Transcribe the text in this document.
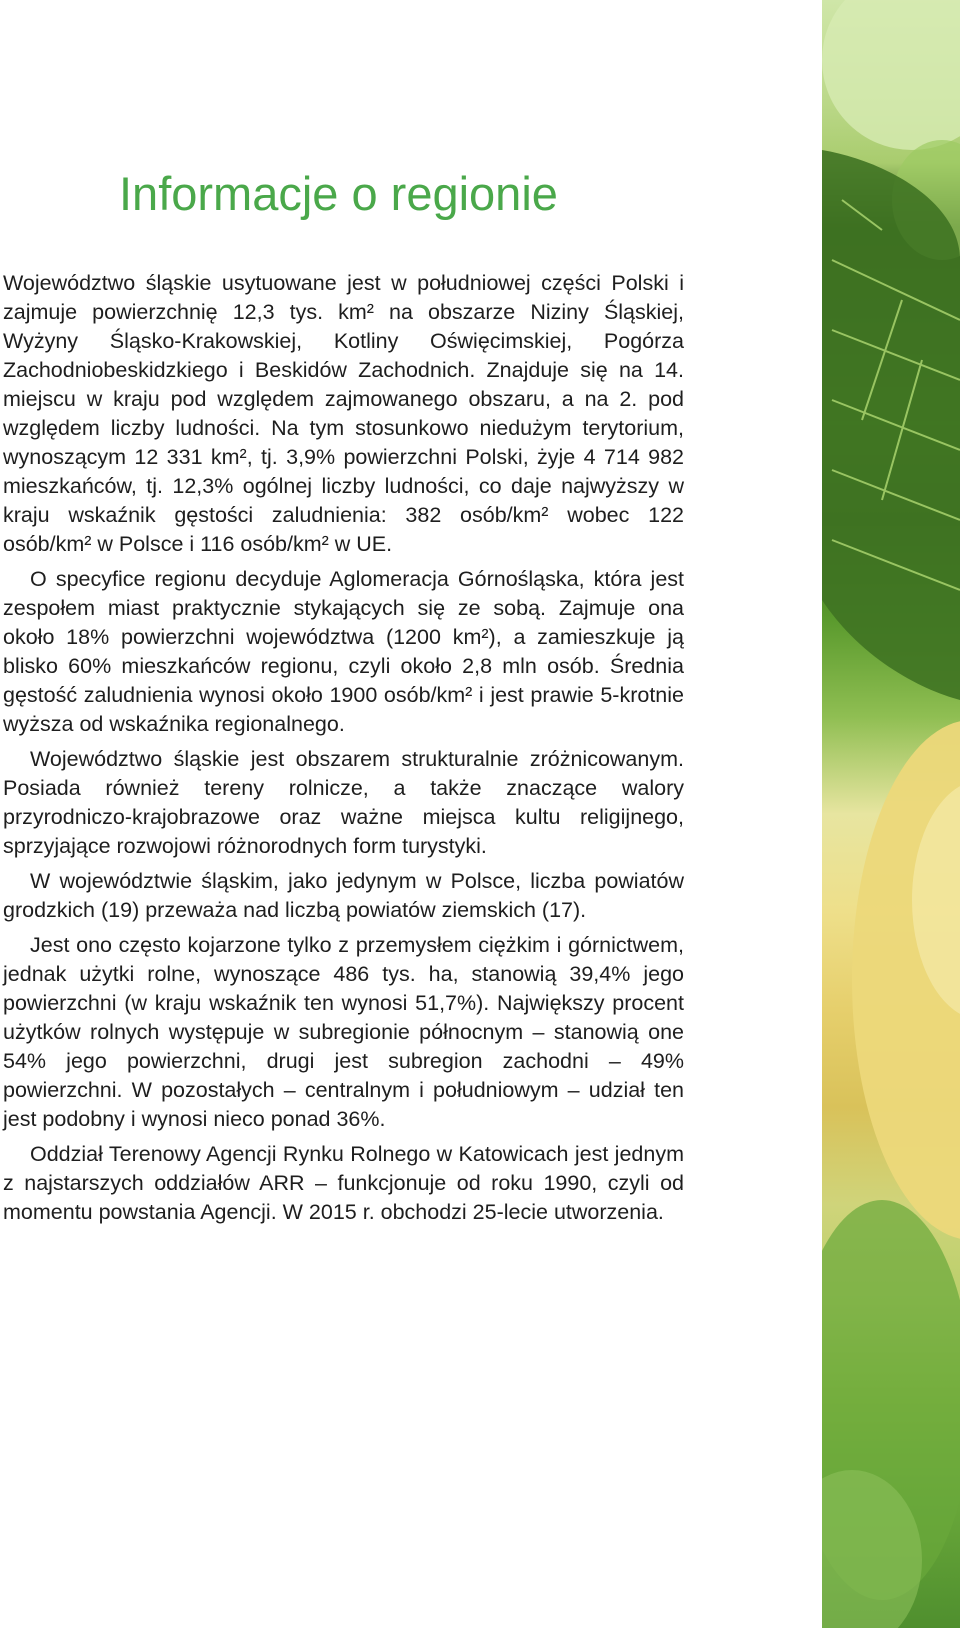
Informacje o regionie

Województwo śląskie usytuowane jest w południowej części Polski i zajmuje powierzchnię 12,3 tys. km² na obszarze Niziny Śląskiej, Wyżyny Śląsko-Krakowskiej, Kotliny Oświęcimskiej, Pogórza Zachodniobeskidzkiego i Beskidów Zachodnich. Znajduje się na 14. miejscu w kraju pod względem zajmowanego obszaru, a na 2. pod względem liczby ludności. Na tym stosunkowo niedużym terytorium, wynoszącym 12 331 km², tj. 3,9% powierzchni Polski, żyje 4 714 982 mieszkańców, tj. 12,3% ogólnej liczby ludności, co daje najwyższy w kraju wskaźnik gęstości zaludnienia: 382 osób/km² wobec 122 osób/km² w Polsce i 116 osób/km² w UE.

O specyfice regionu decyduje Aglomeracja Górnośląska, która jest zespołem miast praktycznie stykających się ze sobą. Zajmuje ona około 18% powierzchni województwa (1200 km²), a zamieszkuje ją blisko 60% mieszkańców regionu, czyli około 2,8 mln osób. Średnia gęstość zaludnienia wynosi około 1900 osób/km² i jest prawie 5-krotnie wyższa od wskaźnika regionalnego.

Województwo śląskie jest obszarem strukturalnie zróżnicowanym. Posiada również tereny rolnicze, a także znaczące walory przyrodniczo-krajobrazowe oraz ważne miejsca kultu religijnego, sprzyjające rozwojowi różnorodnych form turystyki.

W województwie śląskim, jako jedynym w Polsce, liczba powiatów grodzkich (19) przeważa nad liczbą powiatów ziemskich (17).

Jest ono często kojarzone tylko z przemysłem ciężkim i górnictwem, jednak użytki rolne, wynoszące 486 tys. ha, stanowią 39,4% jego powierzchni (w kraju wskaźnik ten wynosi 51,7%). Największy procent użytków rolnych występuje w subregionie północnym – stanowią one 54% jego powierzchni, drugi jest subregion zachodni – 49% powierzchni. W pozostałych – centralnym i południowym – udział ten jest podobny i wynosi nieco ponad 36%.

Oddział Terenowy Agencji Rynku Rolnego w Katowicach jest jednym z najstarszych oddziałów ARR – funkcjonuje od roku 1990, czyli od momentu powstania Agencji. W 2015 r. obchodzi 25-lecie utworzenia.
